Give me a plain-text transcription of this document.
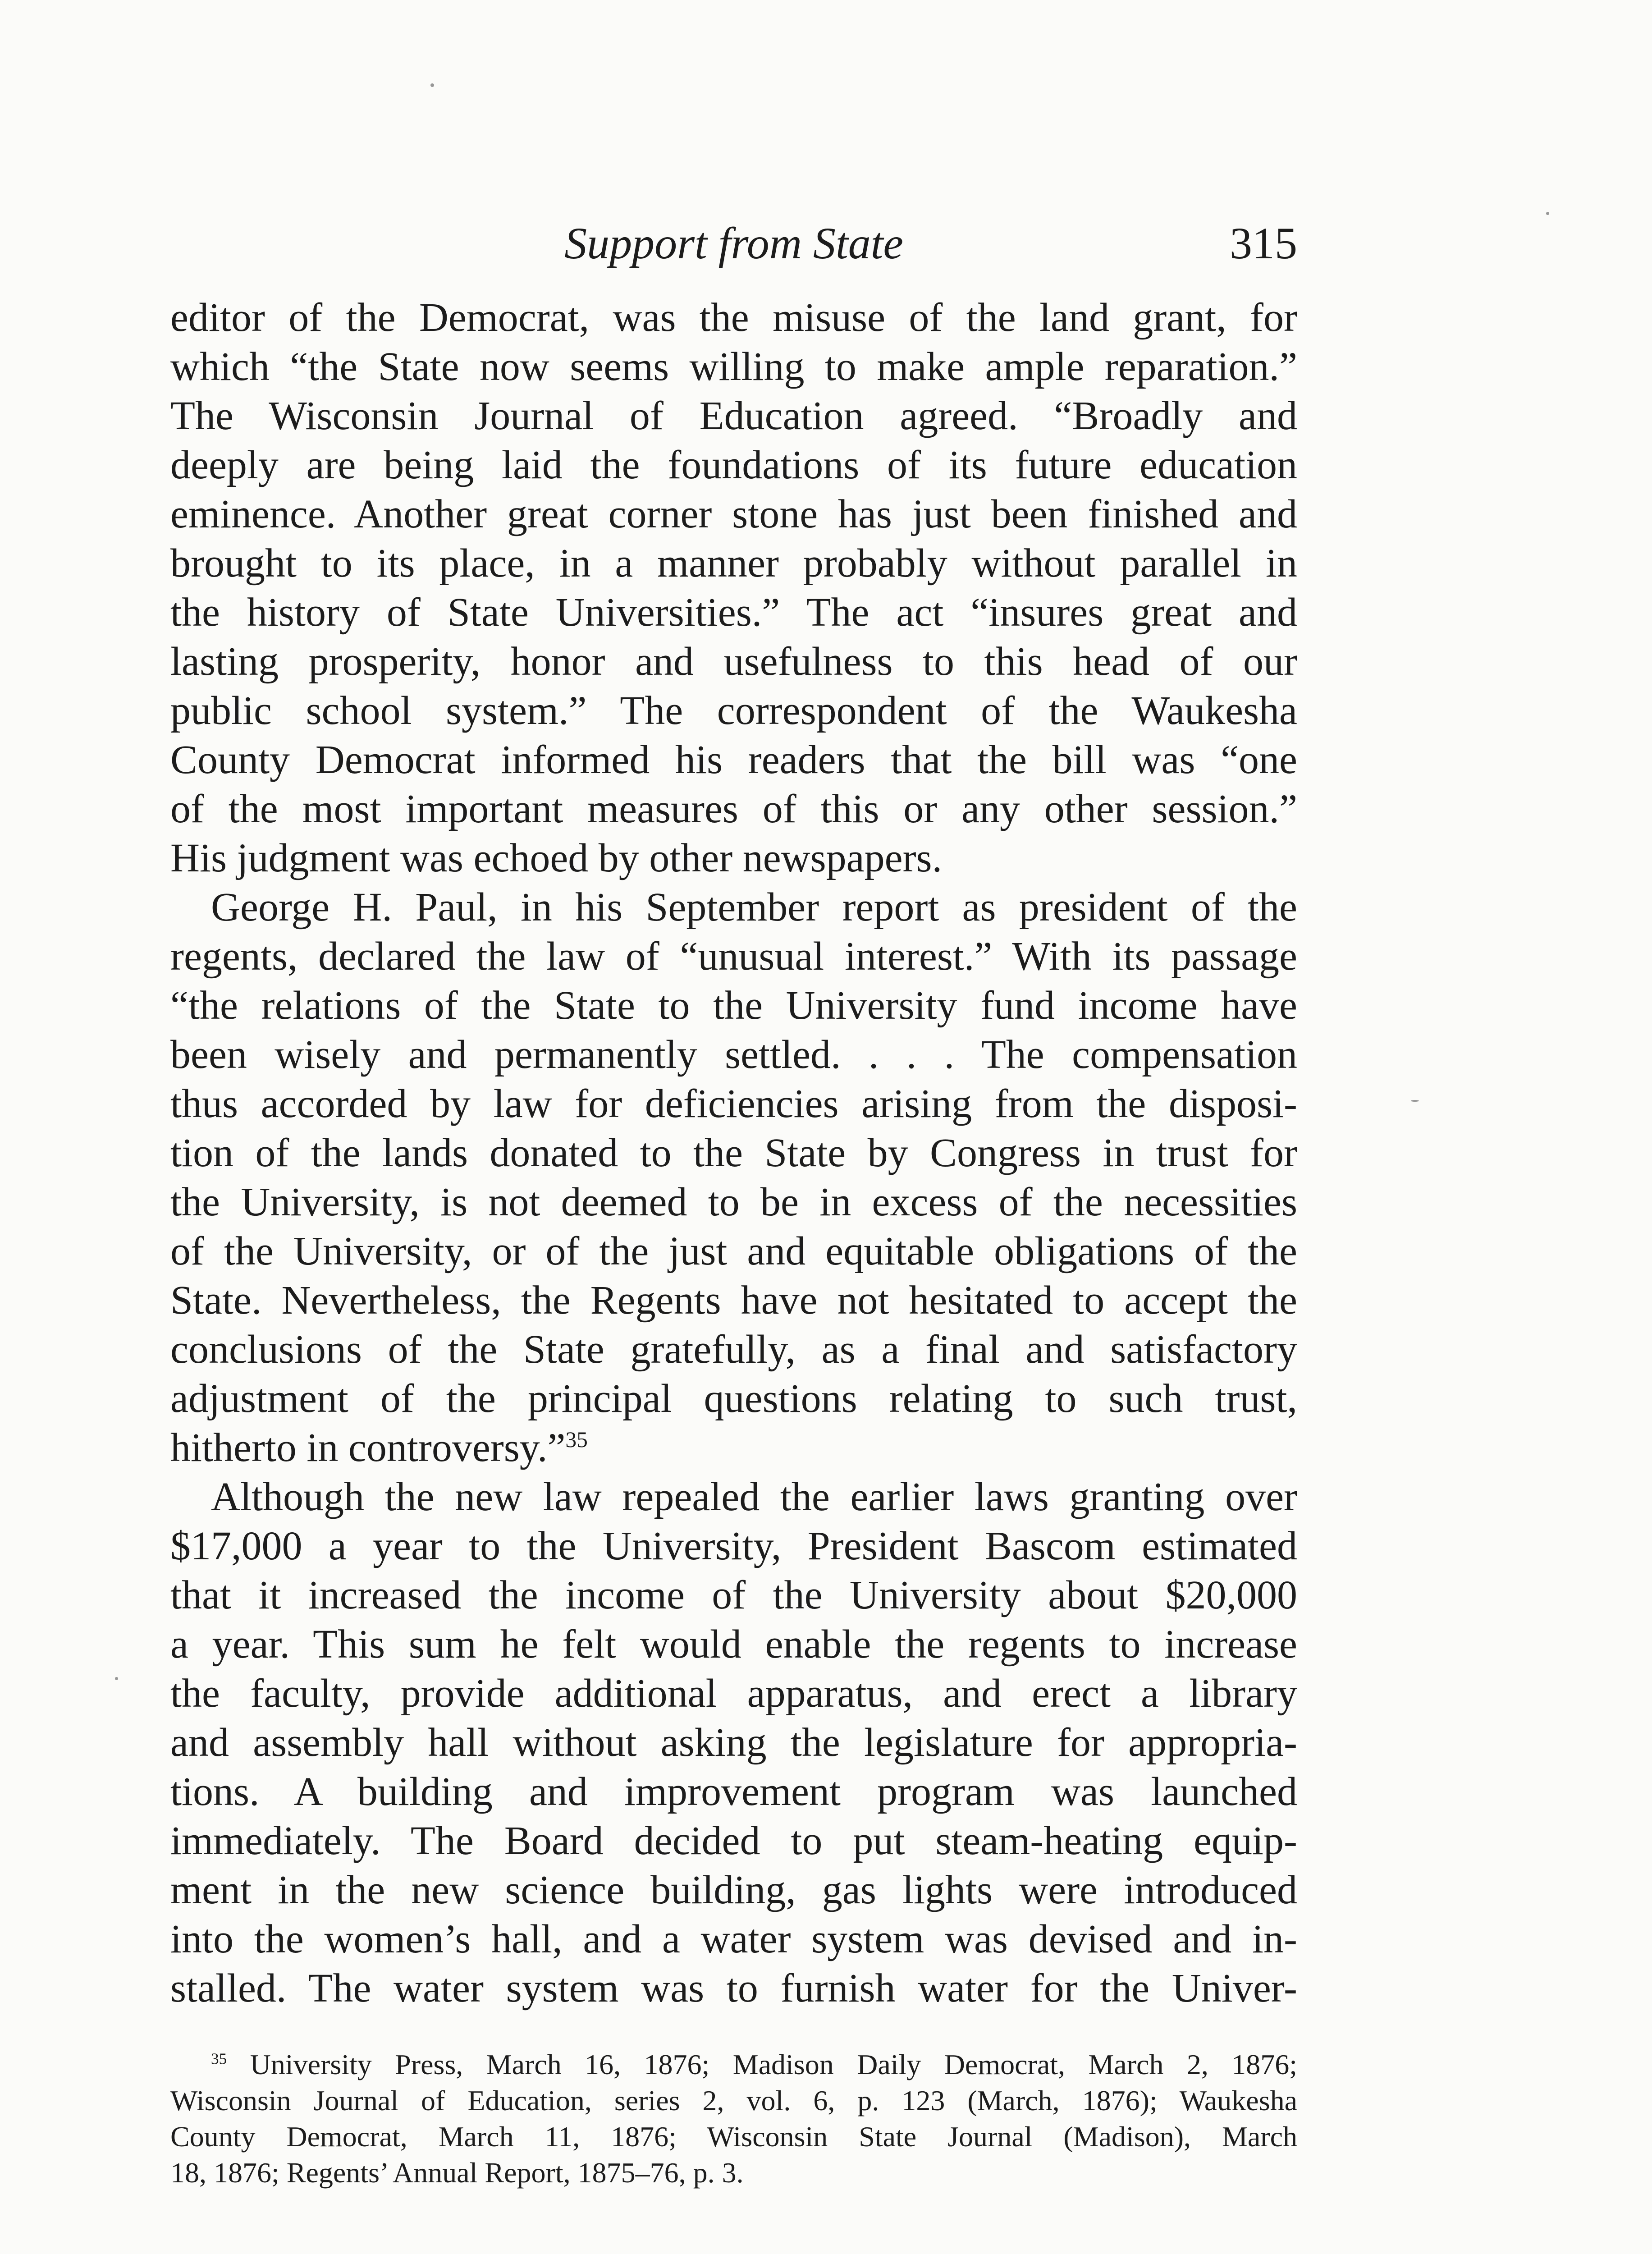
Support from State	315
editor of the Democrat, was the misuse of the land grant, for
which “the State now seems willing to make ample reparation.”
The Wisconsin Journal of Education agreed. “Broadly and
deeply are being laid the foundations of its future education
eminence. Another great corner stone has just been finished and
brought to its place, in a manner probably without parallel in
the history of State Universities.” The act “insures great and
lasting prosperity, honor and usefulness to this head of our
public school system.” The correspondent of the Waukesha
County Democrat informed his readers that the bill was “one
of the most important measures of this or any other session.”
His judgment was echoed by other newspapers.
George H. Paul, in his September report as president of the
regents, declared the law of “unusual interest.” With its passage
“the relations of the State to the University fund income have
been wisely and permanently settled. . . . The compensation
thus accorded by law for deficiencies arising from the disposi-
tion of the lands donated to the State by Congress in trust for
the University, is not deemed to be in excess of the necessities
of the University, or of the just and equitable obligations of the
State. Nevertheless, the Regents have not hesitated to accept the
conclusions of the State gratefully, as a final and satisfactory
adjustment of the principal questions relating to such trust,
hitherto in controversy.”$^{35}$
Although the new law repealed the earlier laws granting over
$17,000 a year to the University, President Bascom estimated
that it increased the income of the University about $20,000
a year. This sum he felt would enable the regents to increase
the faculty, provide additional apparatus, and erect a library
and assembly hall without asking the legislature for appropria-
tions. A building and improvement program was launched
immediately. The Board decided to put steam-heating equip-
ment in the new science building, gas lights were introduced
into the women’s hall, and a water system was devised and in-
stalled. The water system was to furnish water for the Univer-
$^{35}$ University Press, March 16, 1876; Madison Daily Democrat, March 2, 1876;
Wisconsin Journal of Education, series 2, vol. 6, p. 123 (March, 1876); Waukesha
County Democrat, March 11, 1876; Wisconsin State Journal (Madison), March
18, 1876; Regents’ Annual Report, 1875–76, p. 3.
